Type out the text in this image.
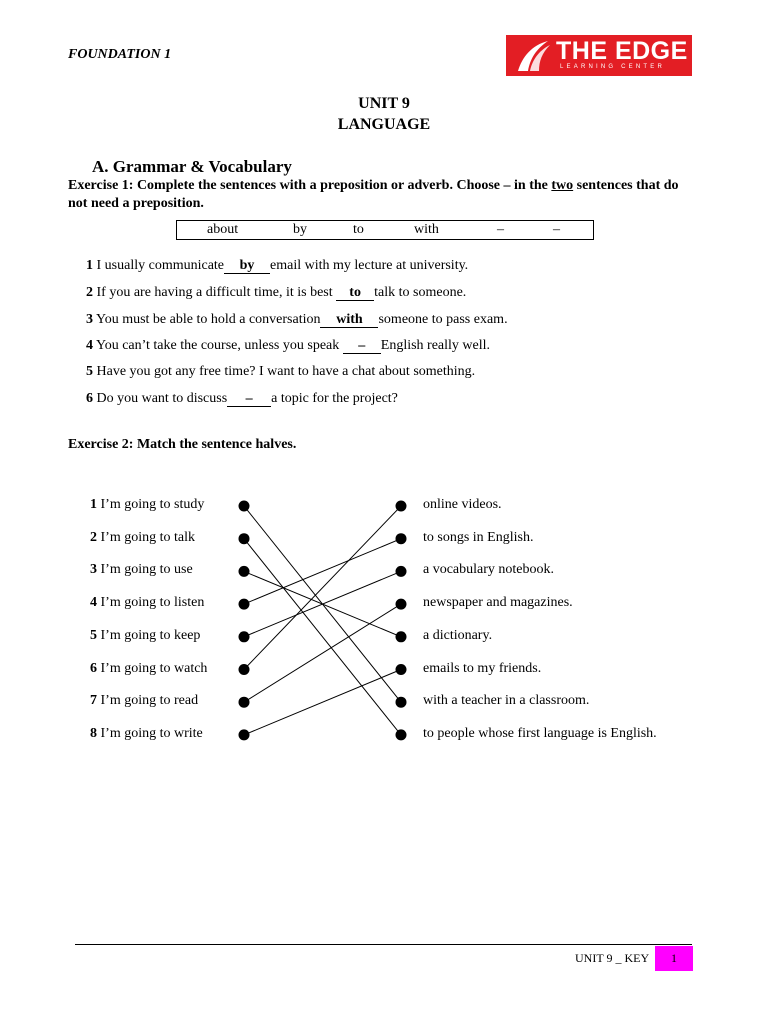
FOUNDATION 1	THE EDGE
LEARNING CENTER
UNIT 9
LANGUAGE
A. Grammar & Vocabulary
Exercise 1: Complete the sentences with a preposition or adverb. Choose – in the two sentences that do not need a preposition.
about	by	to	with	–	–
1 I usually communicate by email with my lecture at university.
2 If you are having a difficult time, it is best to talk to someone.
3 You must be able to hold a conversation with someone to pass exam.
4 You can’t take the course, unless you speak – English really well.
5 Have you got any free time? I want to have a chat about something.
6 Do you want to discuss – a topic for the project?
Exercise 2: Match the sentence halves.
1 I’m going to study
2 I’m going to talk
3 I’m going to use
4 I’m going to listen
5 I’m going to keep
6 I’m going to watch
7 I’m going to read
8 I’m going to write
online videos.
to songs in English.
a vocabulary notebook.
newspaper and magazines.
a dictionary.
emails to my friends.
with a teacher in a classroom.
to people whose first language is English.
UNIT 9 _ KEY	1
